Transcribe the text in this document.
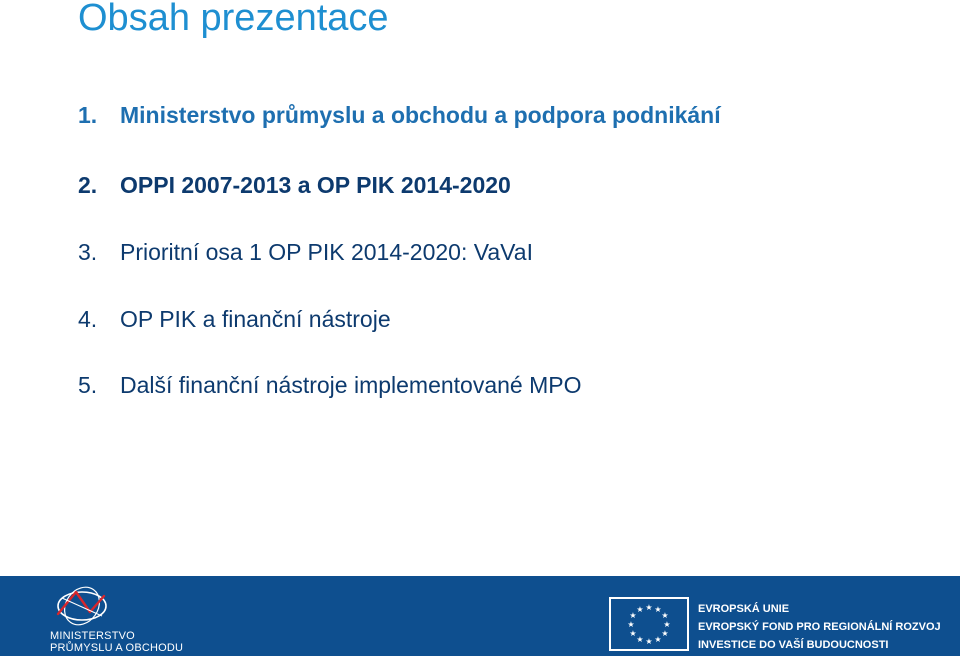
Obsah prezentace
1. Ministerstvo průmyslu a obchodu a podpora podnikání
2. OPPI 2007-2013 a OP PIK 2014-2020
3. Prioritní osa 1 OP PIK 2014-2020: VaVaI
4. OP PIK a finanční nástroje
5. Další finanční nástroje implementované MPO
MINISTERSTVO
PRŮMYSLU A OBCHODU
★ ★
★
★
★
★
★
★
★
★
★
★	EVROPSKÁ UNIE
EVROPSKÝ FOND PRO REGIONÁLNÍ ROZVOJ
INVESTICE DO VAŠÍ BUDOUCNOSTI
